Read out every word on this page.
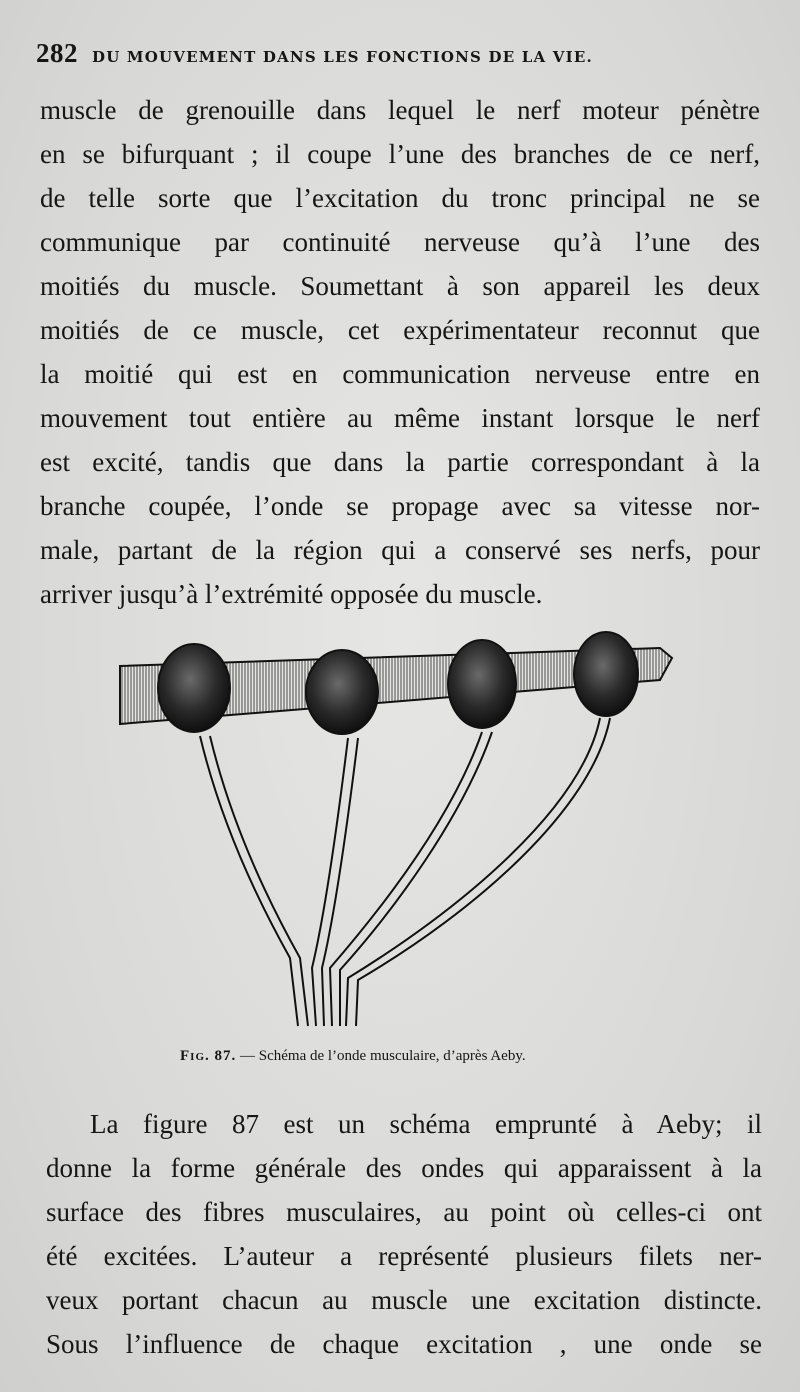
282 DU MOUVEMENT DANS LES FONCTIONS DE LA VIE.
muscle de grenouille dans lequel le nerf moteur pénètre
en se bifurquant ; il coupe l’une des branches de ce nerf,
de telle sorte que l’excitation du tronc principal ne se
communique par continuité nerveuse qu’à l’une des
moitiés du muscle. Soumettant à son appareil les deux
moitiés de ce muscle, cet expérimentateur reconnut que
la moitié qui est en communication nerveuse entre en
mouvement tout entière au même instant lorsque le nerf
est excité, tandis que dans la partie correspondant à la
branche coupée, l’onde se propage avec sa vitesse nor-
male, partant de la région qui a conservé ses nerfs, pour
arriver jusqu’à l’extrémité opposée du muscle.
Fig. 87. — Schéma de l’onde musculaire, d’après Aeby.
La figure 87 est un schéma emprunté à Aeby; il
donne la forme générale des ondes qui apparaissent à la
surface des fibres musculaires, au point où celles-ci ont
été excitées. L’auteur a représenté plusieurs filets ner-
veux portant chacun au muscle une excitation distincte.
Sous l’influence de chaque excitation , une onde se
